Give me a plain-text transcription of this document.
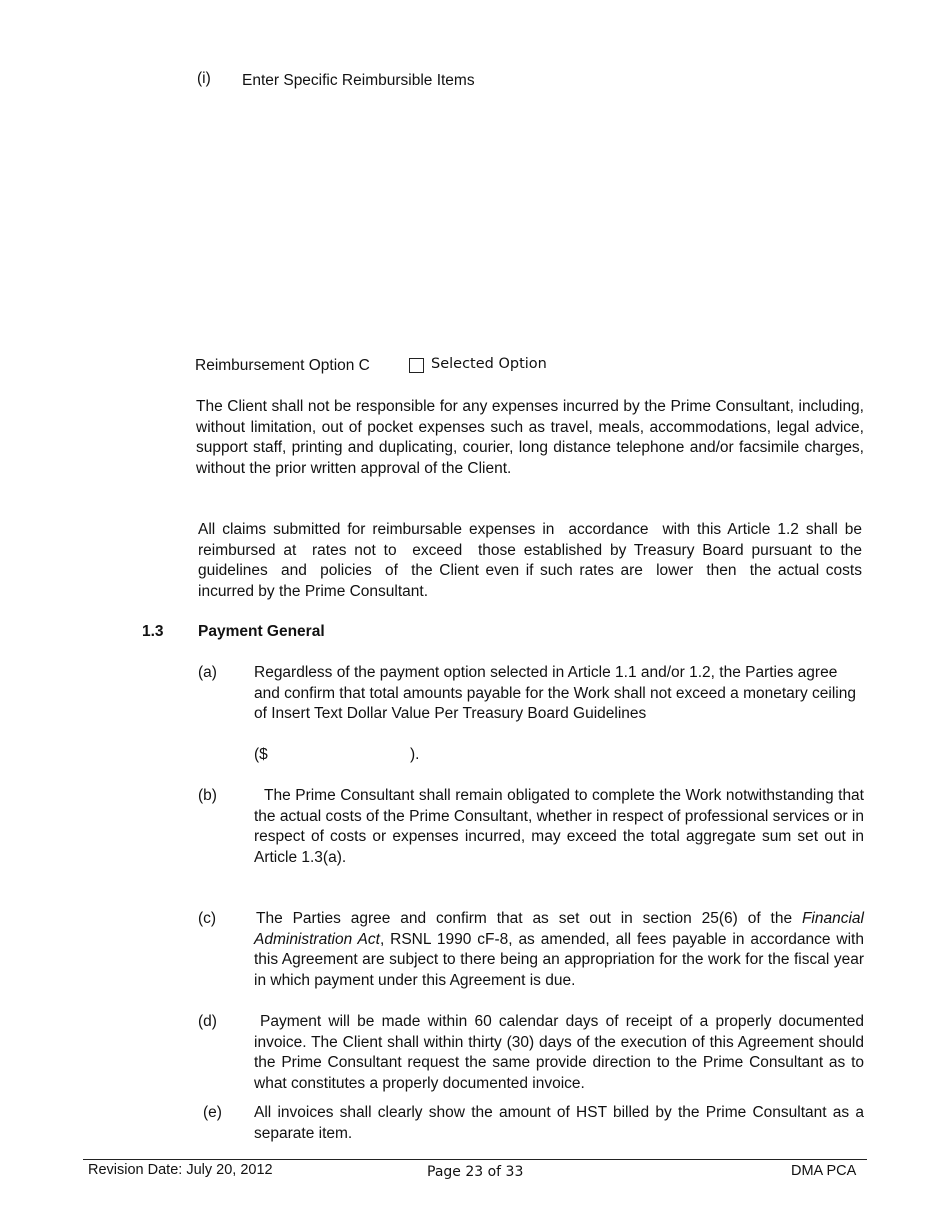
(i) Enter Specific Reimbursible Items
Reimbursement Option C	Selected Option
The Client shall not be responsible for any expenses incurred by the Prime Consultant, including, without limitation, out of pocket expenses such as travel, meals, accommodations, legal advice, support staff, printing and duplicating, courier, long distance telephone and/or facsimile charges, without the prior written approval of the Client.
All claims submitted for reimbursable expenses in  accordance  with this Article 1.2 shall be reimbursed at  rates not to  exceed  those established by Treasury Board pursuant to the  guidelines  and  policies  of  the Client even if such rates are  lower  then  the actual costs incurred by the Prime Consultant.
1.3 Payment General
(a) Regardless of the payment option selected in Article 1.1 and/or 1.2, the Parties agree and confirm that total amounts payable for the Work shall not exceed a monetary ceiling of Insert Text Dollar Value Per Treasury Board Guidelines
($	).
(b)	The Prime Consultant shall remain obligated to complete the Work notwithstanding that the actual costs of the Prime Consultant, whether in respect of professional services or in respect of costs or expenses incurred, may exceed the total aggregate sum set out in Article 1.3(a).
(c)	The Parties agree and confirm that as set out in section 25(6) of the Financial Administration Act, RSNL 1990 cF-8, as amended, all fees payable in accordance with this Agreement are subject to there being an appropriation for the work for the fiscal year in which payment under this Agreement is due.
(d)	Payment will be made within 60 calendar days of receipt of a properly documented invoice. The Client shall within thirty (30) days of the execution of this Agreement should the Prime Consultant request the same provide direction to the Prime Consultant as to what constitutes a properly documented invoice.
(e) All invoices shall clearly show the amount of HST billed by the Prime Consultant as a separate item.
Revision Date: July 20, 2012	Page 23 of 33	DMA PCA
